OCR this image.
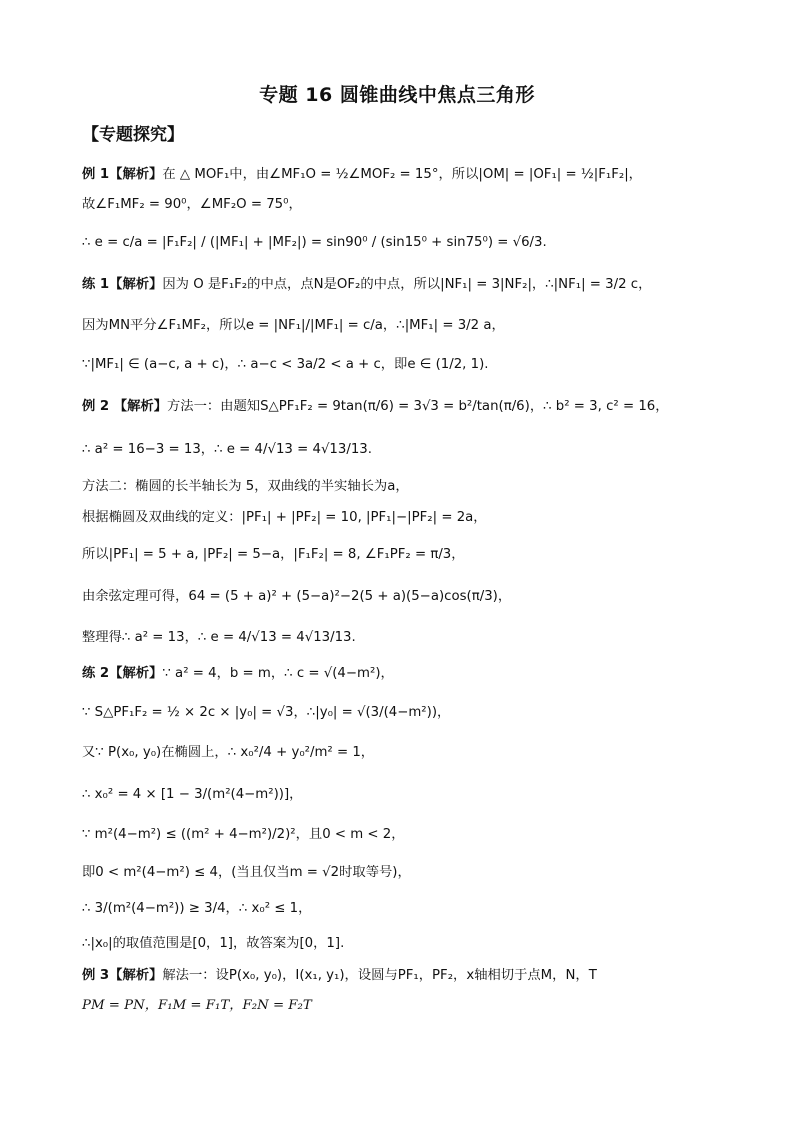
专题 16 圆锥曲线中焦点三角形
【专题探究】
例 1【解析】在 △ MOF₁中，由∠MF₁O = ½∠MOF₂ = 15°，所以|OM| = |OF₁| = ½|F₁F₂|，
故∠F₁MF₂ = 90⁰，∠MF₂O = 75⁰，
∴ e = c/a = |F₁F₂| / (|MF₁| + |MF₂|) = sin90⁰ / (sin15⁰ + sin75⁰) = √6/3.
练 1【解析】因为 O 是F₁F₂的中点，点N是OF₂的中点，所以|NF₁| = 3|NF₂|，∴|NF₁| = 3/2 c，
因为MN平分∠F₁MF₂，所以e = |NF₁|/|MF₁| = c/a，∴|MF₁| = 3/2 a，
∵|MF₁| ∈ (a−c, a + c)，∴ a−c < 3a/2 < a + c，即e ∈ (1/2, 1).
例 2 【解析】方法一：由题知S△PF₁F₂ = 9tan(π/6) = 3√3 = b²/tan(π/6)，∴ b² = 3, c² = 16，
∴ a² = 16−3 = 13，∴ e = 4/√13 = 4√13/13.
方法二：椭圆的长半轴长为 5，双曲线的半实轴长为a，
根据椭圆及双曲线的定义：|PF₁| + |PF₂| = 10, |PF₁|−|PF₂| = 2a，
所以|PF₁| = 5 + a, |PF₂| = 5−a，|F₁F₂| = 8, ∠F₁PF₂ = π/3，
由余弦定理可得，64 = (5 + a)² + (5−a)²−2(5 + a)(5−a)cos(π/3)，
整理得∴ a² = 13，∴ e = 4/√13 = 4√13/13.
练 2【解析】∵ a² = 4，b = m，∴ c = √(4−m²)，
∵ S△PF₁F₂ = ½ × 2c × |y₀| = √3，∴|y₀| = √(3/(4−m²))，
又∵ P(x₀, y₀)在椭圆上，∴ x₀²/4 + y₀²/m² = 1，
∴ x₀² = 4 × [1 − 3/(m²(4−m²))]，
∵ m²(4−m²) ≤ ((m² + 4−m²)/2)²，且0 < m < 2，
即0 < m²(4−m²) ≤ 4，(当且仅当m = √2时取等号)，
∴ 3/(m²(4−m²)) ≥ 3/4，∴ x₀² ≤ 1，
∴|x₀|的取值范围是[0，1]，故答案为[0，1].
例 3【解析】解法一：设P(x₀, y₀)，I(x₁, y₁)，设圆与PF₁，PF₂，x轴相切于点M，N，T
PM = PN，F₁M = F₁T，F₂N = F₂T
